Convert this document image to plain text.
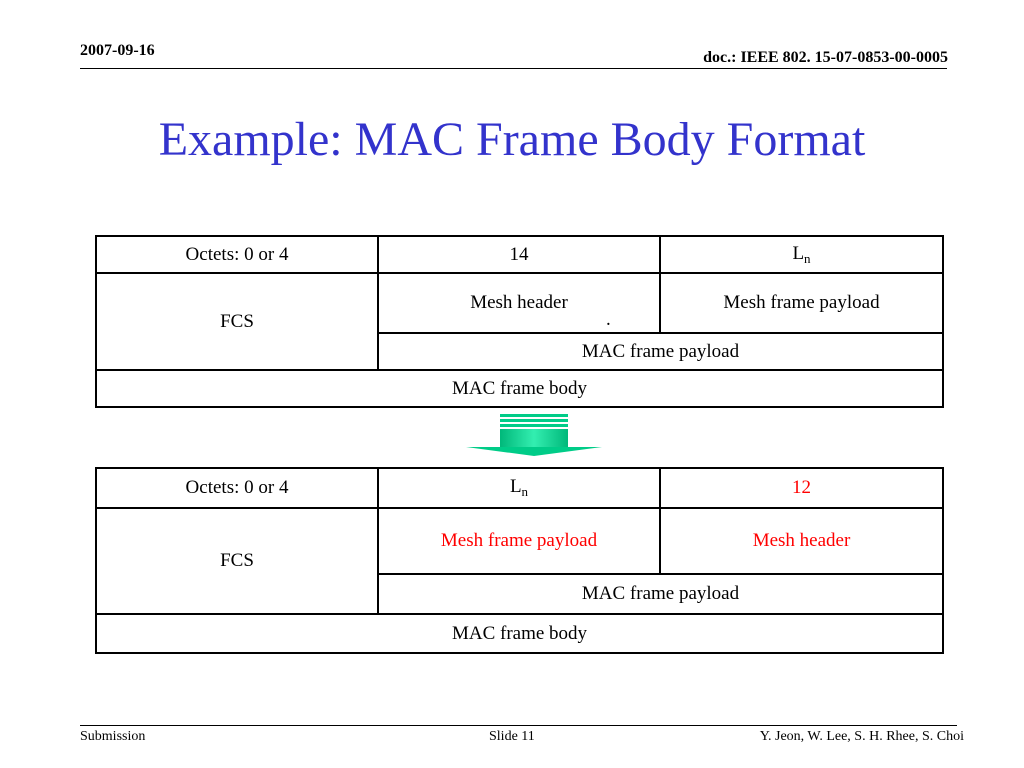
2007-09-16	doc.: IEEE 802. 15-07-0853-00-0005
Example: MAC Frame Body Format
Octets: 0 or 4	14	$L_n$
FCS	Mesh header	Mesh frame payload
	MAC frame payload	
MAC frame body		
.
Octets: 0 or 4	$L_n$	12
FCS	Mesh frame payload	Mesh header
	MAC frame payload	
MAC frame body		
Submission	Slide 11	Y. Jeon, W. Lee, S. H. Rhee, S. Choi
